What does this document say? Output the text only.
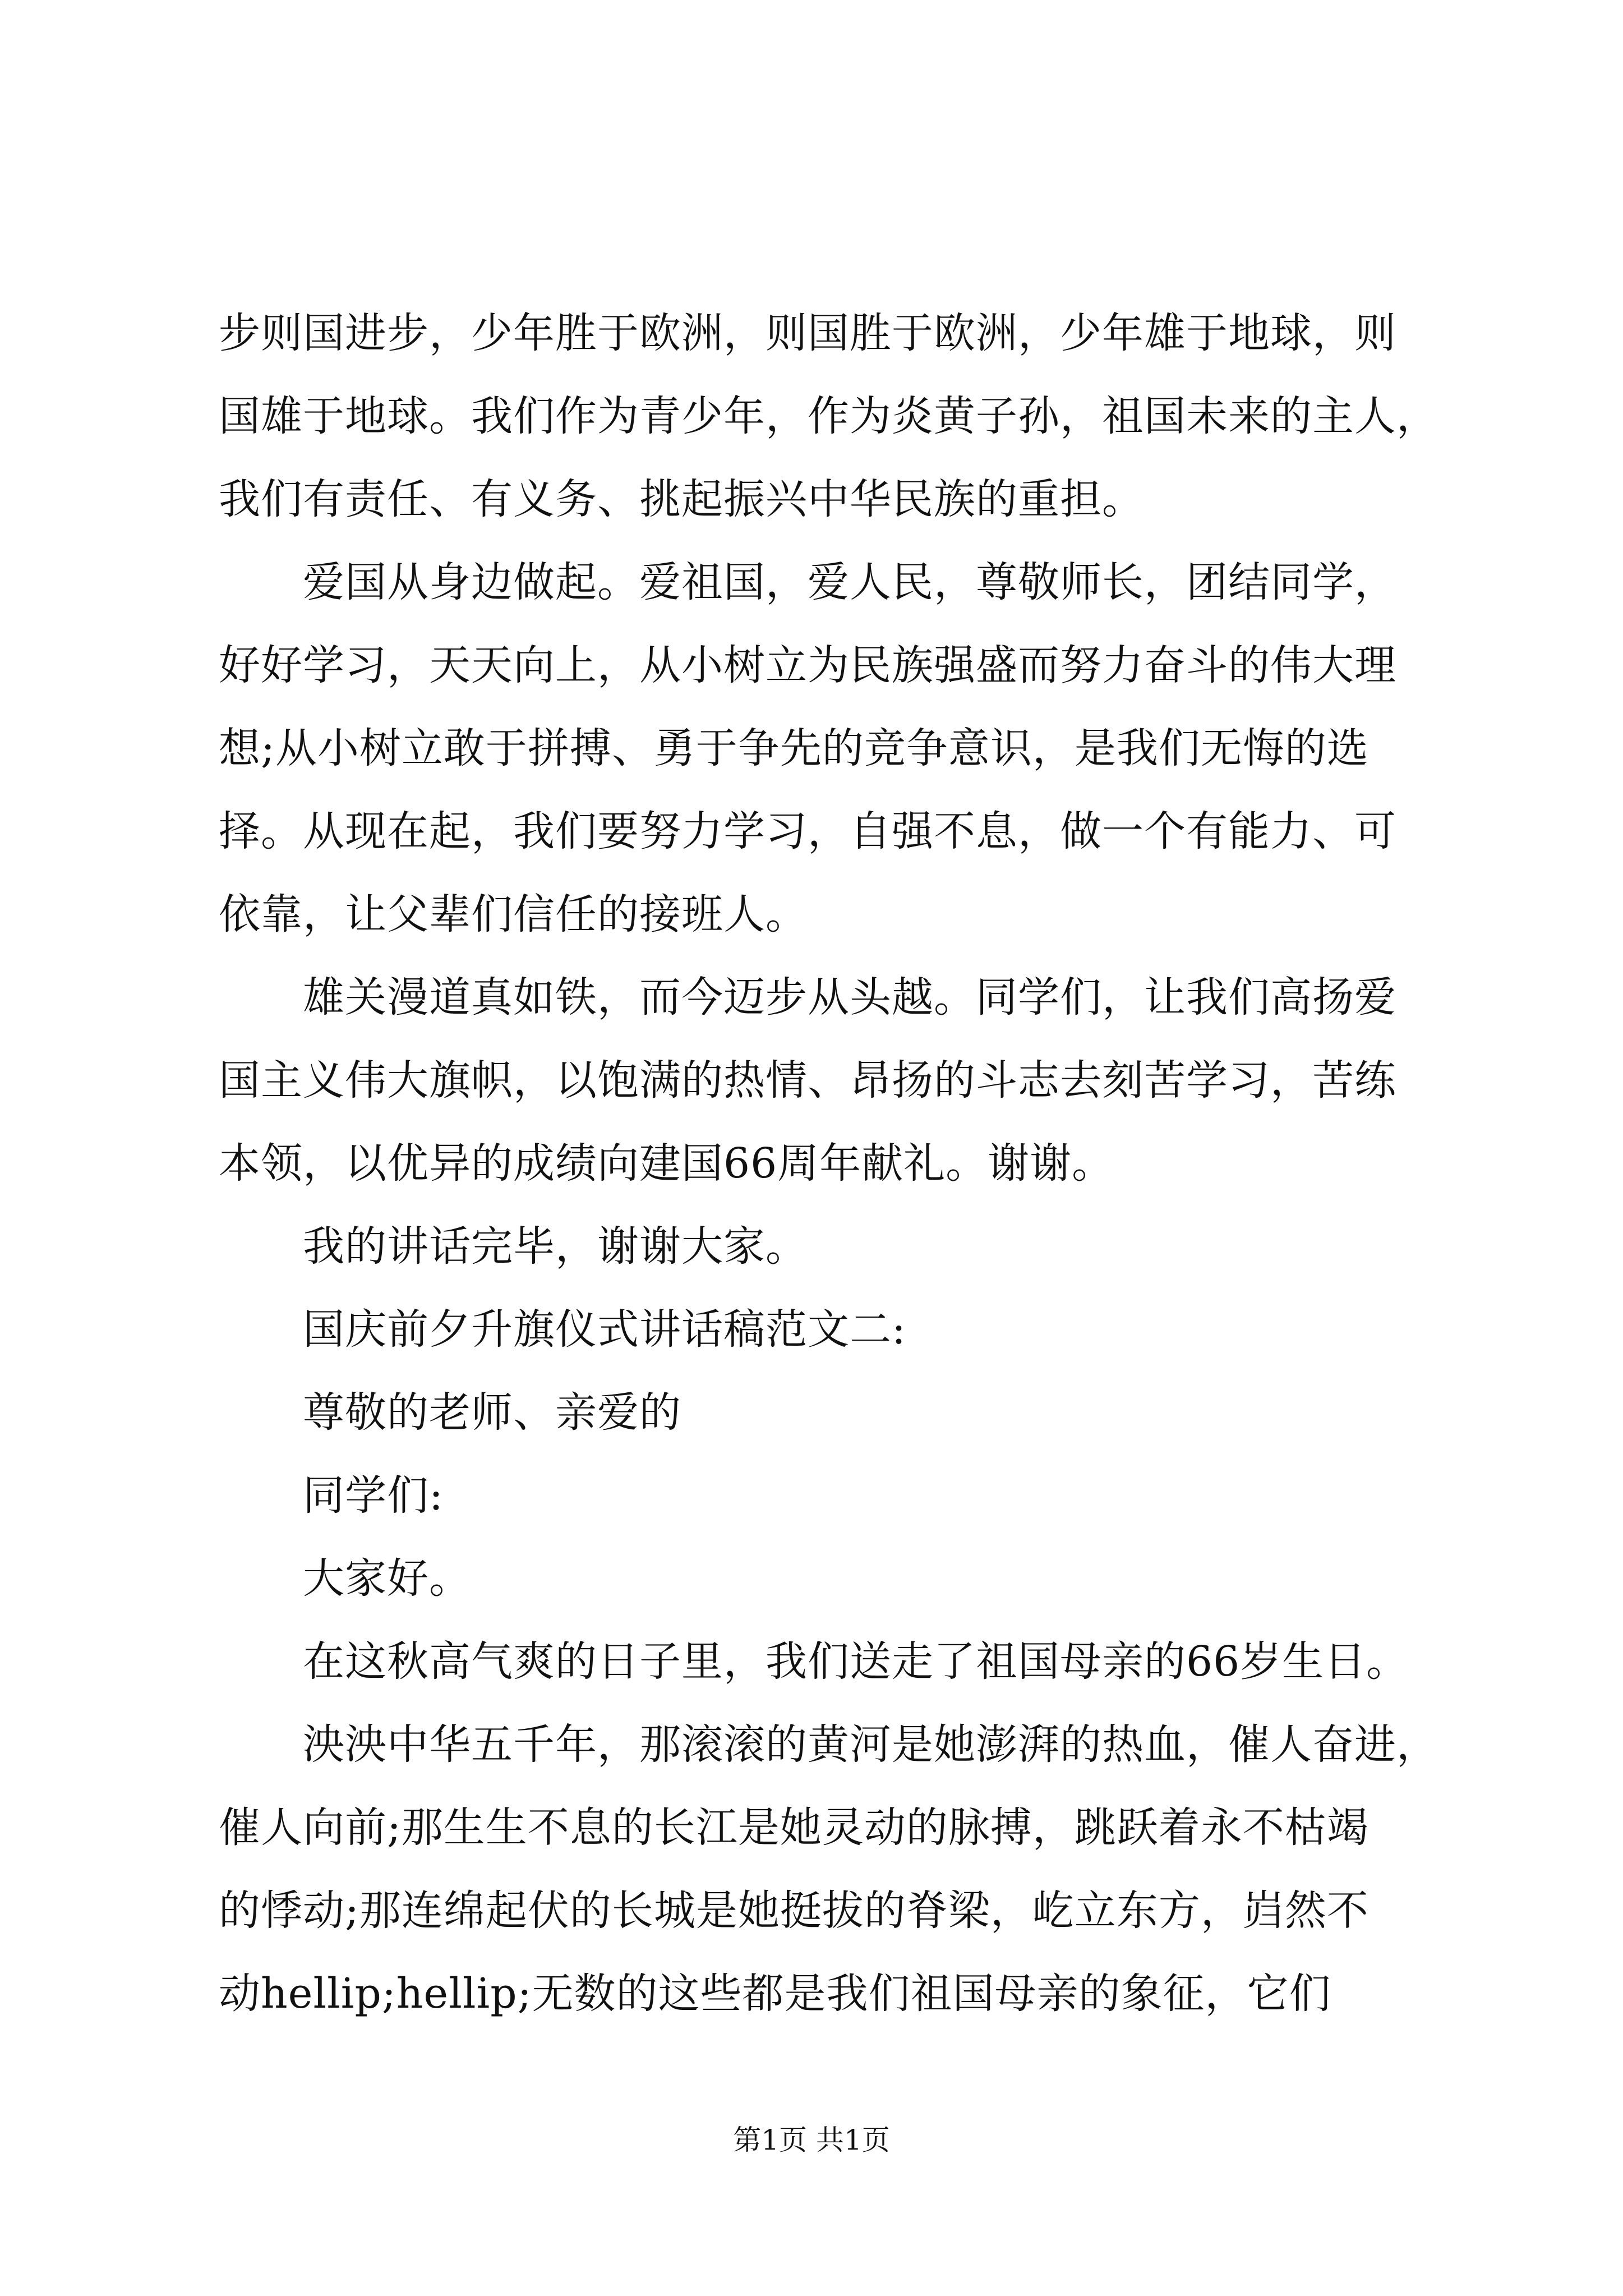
步则国进步，少年胜于欧洲，则国胜于欧洲，少年雄于地球，则
国雄于地球。我们作为青少年，作为炎黄子孙，祖国未来的主人，
我们有责任、有义务、挑起振兴中华民族的重担。
爱国从身边做起。爱祖国，爱人民，尊敬师长，团结同学，
好好学习，天天向上，从小树立为民族强盛而努力奋斗的伟大理
想;从小树立敢于拼搏、勇于争先的竞争意识，是我们无悔的选
择。从现在起，我们要努力学习，自强不息，做一个有能力、可
依靠，让父辈们信任的接班人。
雄关漫道真如铁，而今迈步从头越。同学们，让我们高扬爱
国主义伟大旗帜，以饱满的热情、昂扬的斗志去刻苦学习，苦练
本领，以优异的成绩向建国66周年献礼。谢谢。
我的讲话完毕，谢谢大家。
国庆前夕升旗仪式讲话稿范文二:
尊敬的老师、亲爱的
同学们:
大家好。
在这秋高气爽的日子里，我们送走了祖国母亲的66岁生日。
泱泱中华五千年，那滚滚的黄河是她澎湃的热血，催人奋进，
催人向前;那生生不息的长江是她灵动的脉搏，跳跃着永不枯竭
的悸动;那连绵起伏的长城是她挺拔的脊梁，屹立东方，岿然不
动hellip;hellip;无数的这些都是我们祖国母亲的象征，它们
第1页 共1页
